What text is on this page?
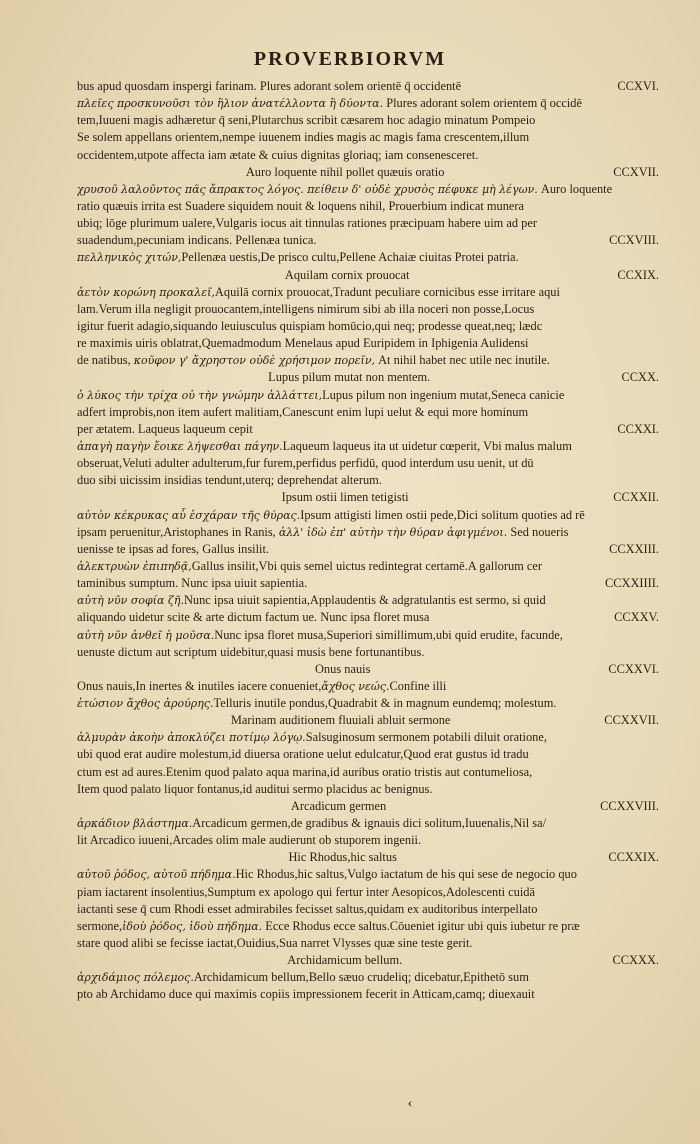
PROVERBIORVM
CCXVI.
bus apud quosdam inspergi farinam. Plures adorant solem orientē q̄ occidentē
πλεῖες προσκυνοῦσι τὸν ἥλιον ἀνατέλλοντα ἢ δύοντα. Plures adorant solem orientem q̄ occidē
tem,Iuueni magis adhæretur q̄ seni,Plutarchus scribit cæsarem hoc adagio minatum Pompeio
Se solem appellans orientem,nempe iuuenem indies magis ac magis fama crescentem,illum
occidentem,utpote affecta iam ætate & cuius dignitas gloriaq; iam consenesceret.
CCXVII.
Auro loquente nihil pollet quæuis oratio
χρυσοῦ λαλοῦντος πᾶς ἄπρακτος λόγος. πείθειν δ' οὐδὲ χρυσὸς πέφυκε μὴ λέγων. Auro loquente
ratio quæuis irrita est Suadere siquidem nouit & loquens nihil, Prouerbium indicat munera
ubiq; lōge plurimum ualere,Vulgaris iocus ait tinnulas rationes præcipuam habere uim ad per
CCXVIII.
suadendum,pecuniam indicans. Pellenæa tunica.
πελληνικὸς χιτών,Pellenæa uestis,De prisco cultu,Pellene Achaiæ ciuitas Protei patria.
CCXIX.
Aquilam cornix prouocat
ἀετὸν κορώνη προκαλεῖ,Aquilā cornix prouocat,Tradunt peculiare cornicibus esse irritare aqui
lam.Verum illa negligit prouocantem,intelligens nimirum sibi ab illa noceri non posse,Locus
igitur fuerit adagio,siquando leuiusculus quispiam homūcio,qui neq; prodesse queat,neq; lædc
re maximis uiris oblatrat,Quemadmodum Menelaus apud Euripidem in Iphigenia Aulidensi
de natibus, κοῦφον γ' ἄχρηστον οὐδὲ χρήσιμον πορεῖν, At nihil habet nec utile nec inutile.
CCXX.
Lupus pilum mutat non mentem.
ὁ λύκος τὴν τρίχα οὐ τὴν γνώμην ἀλλάττει,Lupus pilum non ingenium mutat,Seneca canicie
adfert improbis,non item aufert malitiam,Canescunt enim lupi uelut & equi more hominum
CCXXI.
per ætatem. Laqueus laqueum cepit
ἀπαγὴ παγὴν ἔοικε λήψεσθαι πάγην.Laqueum laqueus ita ut uidetur cœperit, Vbi malus malum
obseruat,Veluti adulter adulterum,fur furem,perfidus perfidū, quod interdum usu uenit, ut dū
duo sibi uicissim insidias tendunt,uterq; deprehendat alterum.
CCXXII.
Ipsum ostii limen tetigisti
αὐτὸν κέκρυκας αὖ ἐσχάραν τῆς θύρας.Ipsum attigisti limen ostii pede,Dici solitum quoties ad rē
ipsam peruenitur,Aristophanes in Ranis, ἀλλ' ἰδὼ ἐπ' αὐτὴν τὴν θύραν ἀφιγμένοι. Sed noueris
CCXXIII.
uenisse te ipsas ad fores, Gallus insilit.
ἀλεκτρυὼν ἐπιπηδᾷ,Gallus insilit,Vbi quis semel uictus redintegrat certamē.A gallorum cer
CCXXIIII.
taminibus sumptum. Nunc ipsa uiuit sapientia.
αὐτὴ νῦν σοφία ζῆ.Nunc ipsa uiuit sapientia,Applaudentis & adgratulantis est sermo, si quid
CCXXV.
aliquando uidetur scite & arte dictum factum ue. Nunc ipsa floret musa
αὐτὴ νῦν ἀνθεῖ ἡ μοῦσα.Nunc ipsa floret musa,Superiori simillimum,ubi quid erudite, facunde,
uenuste dictum aut scriptum uidebitur,quasi musis bene fortunantibus.
CCXXVI.
Onus nauis
Onus nauis,In inertes & inutiles iacere conueniet,ἄχθος νεώς.Confine illi
ἐτώσιον ἄχθος ἀρούρης.Telluris inutile pondus,Quadrabit & in magnum eundemq; molestum.
CCXXVII.
Marinam auditionem fluuiali abluit sermone
ἁλμυρὰν ἀκοὴν ἀποκλύζει ποτίμῳ λόγῳ.Salsuginosum sermonem potabili diluit oratione,
ubi quod erat audire molestum,id diuersa oratione uelut edulcatur,Quod erat gustus id tradu
ctum est ad aures.Etenim quod palato aqua marina,id auribus oratio tristis aut contumeliosa,
Item quod palato liquor fontanus,id auditui sermo placidus ac benignus.
CCXXVIII.
Arcadicum germen
ἀρκάδιον βλάστημα.Arcadicum germen,de gradibus & ignauis dici solitum,Iuuenalis,Nil sa/
lit Arcadico iuueni,Arcades olim male audierunt ob stuporem ingenii.
CCXXIX.
Hic Rhodus,hic saltus
αὐτοῦ ῥόδος, αὐτοῦ πήδημα.Hic Rhodus,hic saltus,Vulgo iactatum de his qui sese de negocio quo
piam iactarent insolentius,Sumptum ex apologo qui fertur inter Aesopicos,Adolescenti cuidā
iactanti sese q̄ cum Rhodi esset admirabiles fecisset saltus,quidam ex auditoribus interpellato
sermone,ἰδοὺ ῥόδος, ἰδοὺ πήδημα. Ecce Rhodus ecce saltus.Cōueniet igitur ubi quis iubetur re præ
stare quod alibi se fecisse iactat,Ouidius,Sua narret Vlysses quæ sine teste gerit.
CCXXX.
Archidamicum bellum.
ἀρχιδάμιος πόλεμος.Archidamicum bellum,Bello sæuo crudeliq; dicebatur,Epithetō sum
pto ab Archidamo duce qui maximis copiis impressionem fecerit in Atticam,camq; diuexauit
‹
